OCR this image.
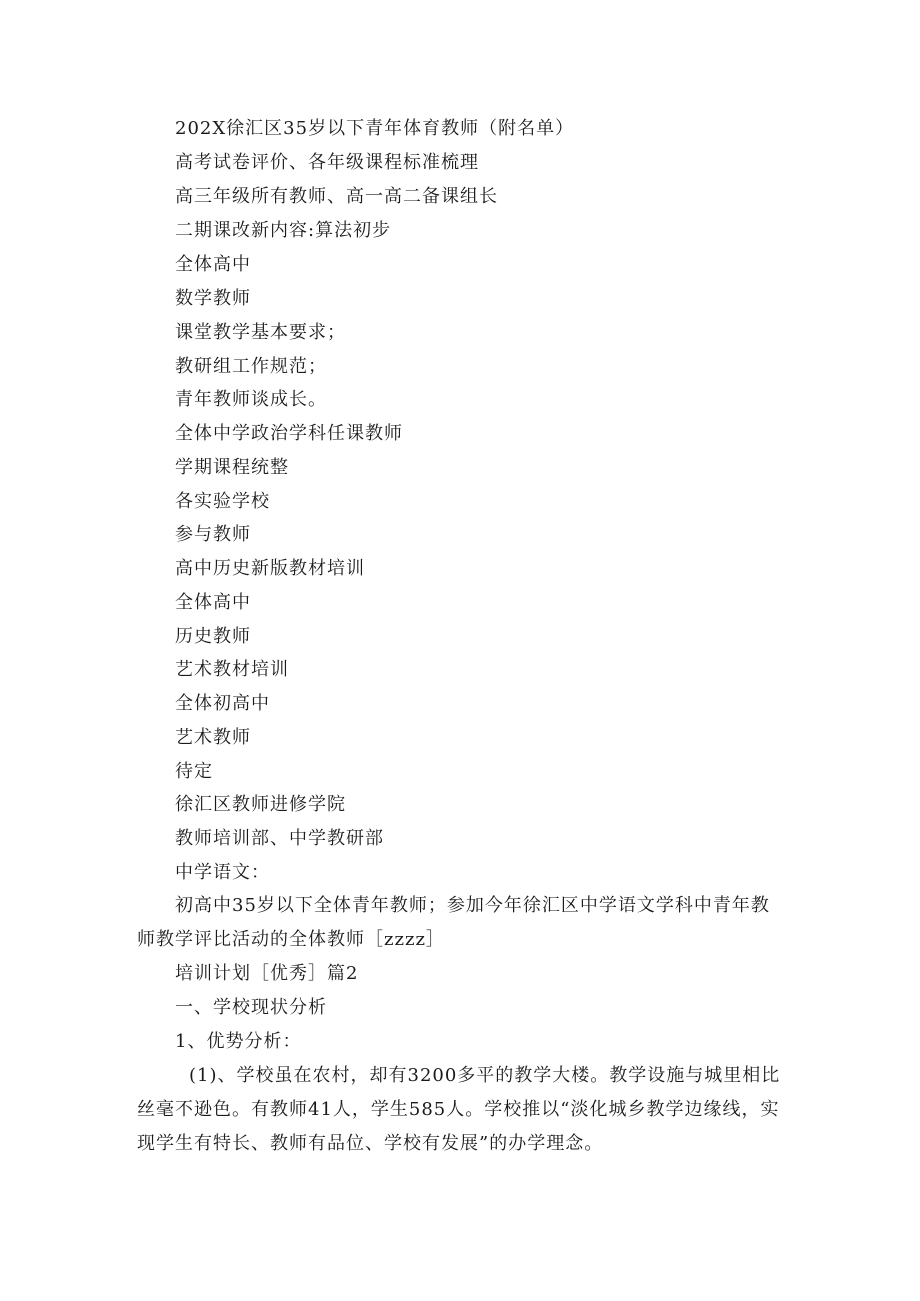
202X徐汇区35岁以下青年体育教师（附名单）
高考试卷评价、各年级课程标准梳理
高三年级所有教师、高一高二备课组长
二期课改新内容:算法初步
全体高中
数学教师
课堂教学基本要求；
教研组工作规范；
青年教师谈成长。
全体中学政治学科任课教师
学期课程统整
各实验学校
参与教师
高中历史新版教材培训
全体高中
历史教师
艺术教材培训
全体初高中
艺术教师
待定
徐汇区教师进修学院
教师培训部、中学教研部
中学语文：
初高中35岁以下全体青年教师；参加今年徐汇区中学语文学科中青年教师教学评比活动的全体教师［zzzz］
培训计划［优秀］篇2
一、学校现状分析
1、优势分析：
(1)、学校虽在农村，却有3200多平的教学大楼。教学设施与城里相比丝毫不逊色。有教师41人，学生585人。学校推以“淡化城乡教学边缘线，实现学生有特长、教师有品位、学校有发展”的办学理念。
